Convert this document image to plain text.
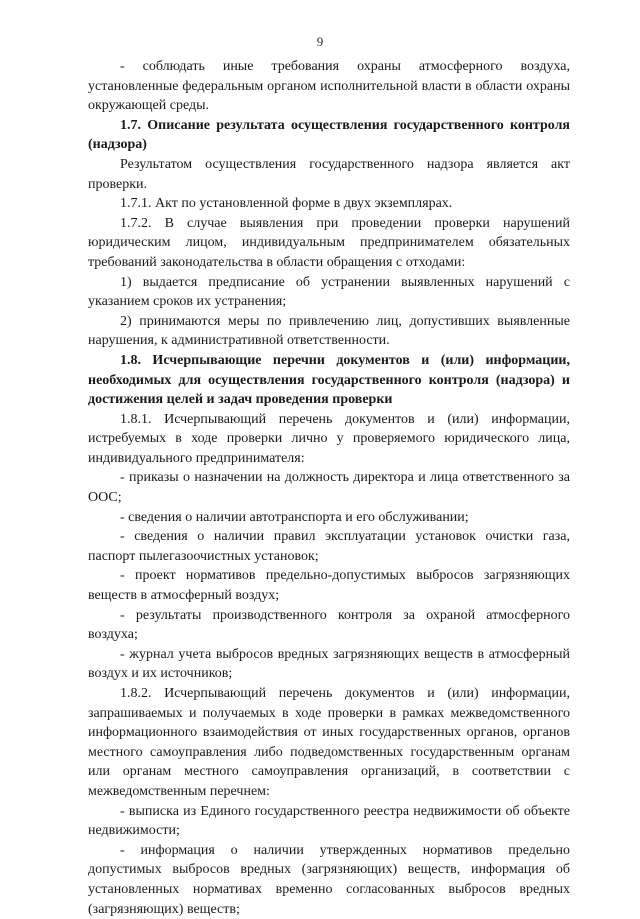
9

- соблюдать иные требования охраны атмосферного воздуха, установленные федеральным органом исполнительной власти в области охраны окружающей среды.

1.7. Описание результата осуществления государственного контроля (надзора)

Результатом осуществления государственного надзора является акт проверки.

1.7.1. Акт по установленной форме в двух экземплярах.

1.7.2. В случае выявления при проведении проверки нарушений юридическим лицом, индивидуальным предпринимателем обязательных требований законодательства в области обращения с отходами:

1) выдается предписание об устранении выявленных нарушений с указанием сроков их устранения;

2) принимаются меры по привлечению лиц, допустивших выявленные нарушения, к административной ответственности.

1.8. Исчерпывающие перечни документов и (или) информации, необходимых для осуществления государственного контроля (надзора) и достижения целей и задач проведения проверки

1.8.1. Исчерпывающий перечень документов и (или) информации, истребуемых в ходе проверки лично у проверяемого юридического лица, индивидуального предпринимателя:

- приказы о назначении на должность директора и лица ответственного за ООС;

- сведения о наличии автотранспорта и его обслуживании;

- сведения о наличии правил эксплуатации установок очистки газа, паспорт пылегазоочистных установок;

- проект нормативов предельно-допустимых выбросов загрязняющих веществ в атмосферный воздух;

- результаты производственного контроля за охраной атмосферного воздуха;

- журнал учета выбросов вредных загрязняющих веществ в атмосферный воздух и их источников;

1.8.2. Исчерпывающий перечень документов и (или) информации, запрашиваемых и получаемых в ходе проверки в рамках межведомственного информационного взаимодействия от иных государственных органов, органов местного самоуправления либо подведомственных государственным органам или органам местного самоуправления организаций, в соответствии с межведомственным перечнем:

- выписка из Единого государственного реестра недвижимости об объекте недвижимости;

- информация о наличии утвержденных нормативов предельно допустимых выбросов вредных (загрязняющих) веществ, информация об установленных нормативах временно согласованных выбросов вредных (загрязняющих) веществ;
